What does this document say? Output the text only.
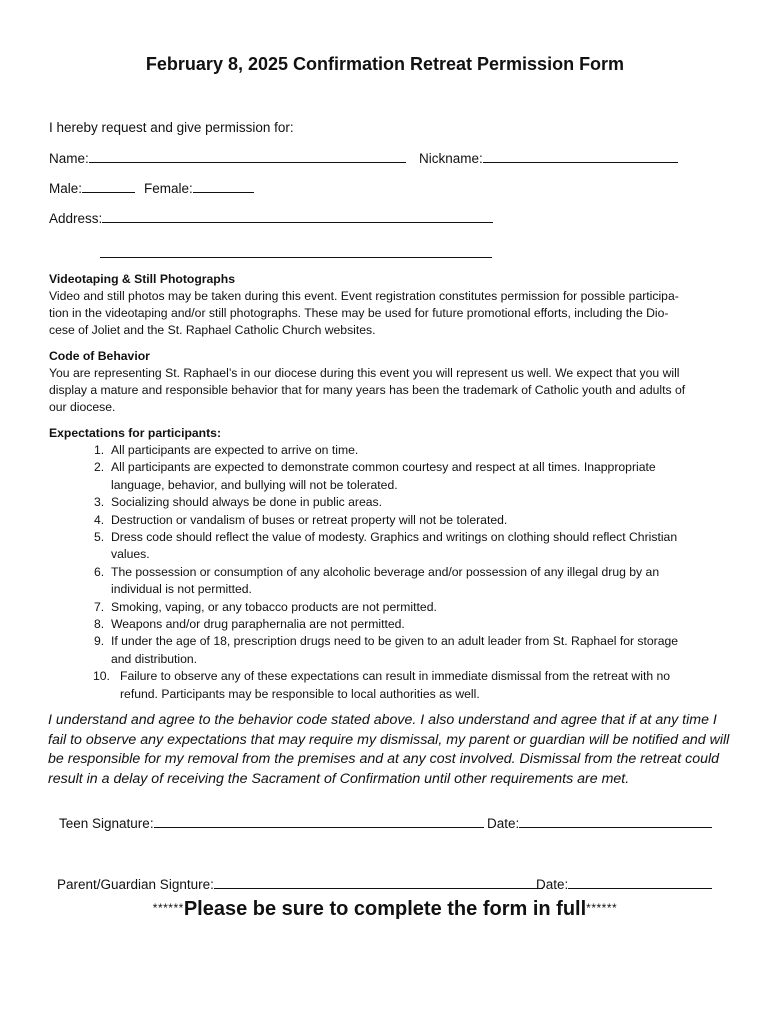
February 8, 2025 Confirmation Retreat Permission Form
I hereby request and give permission for:
Name:	Nickname:
Male:	Female:
Address:
Videotaping & Still Photographs
Video and still photos may be taken during this event. Event registration constitutes permission for possible participa-
tion in the videotaping and/or still photographs. These may be used for future promotional efforts, including the Dio-
cese of Joliet and the St. Raphael Catholic Church websites.
Code of Behavior
You are representing St. Raphael’s in our diocese during this event you will represent us well. We expect that you will
display a mature and responsible behavior that for many years has been the trademark of Catholic youth and adults of
our diocese.
Expectations for participants:
1. All participants are expected to arrive on time.
2. All participants are expected to demonstrate common courtesy and respect at all times. Inappropriate
language, behavior, and bullying will not be tolerated.
3. Socializing should always be done in public areas.
4. Destruction or vandalism of buses or retreat property will not be tolerated.
5. Dress code should reflect the value of modesty. Graphics and writings on clothing should reflect Christian
values.
6. The possession or consumption of any alcoholic beverage and/or possession of any illegal drug by an
individual is not permitted.
7. Smoking, vaping, or any tobacco products are not permitted.
8. Weapons and/or drug paraphernalia are not permitted.
9. If under the age of 18, prescription drugs need to be given to an adult leader from St. Raphael for storage
and distribution.
10. Failure to observe any of these expectations can result in immediate dismissal from the retreat with no
refund. Participants may be responsible to local authorities as well.
I understand and agree to the behavior code stated above. I also understand and agree that if at any time I
fail to observe any expectations that may require my dismissal, my parent or guardian will be notified and will
be responsible for my removal from the premises and at any cost involved. Dismissal from the retreat could
result in a delay of receiving the Sacrament of Confirmation until other requirements are met.
Teen Signature:	Date:
Parent/Guardian Signture:	Date:
******Please be sure to complete the form in full******
